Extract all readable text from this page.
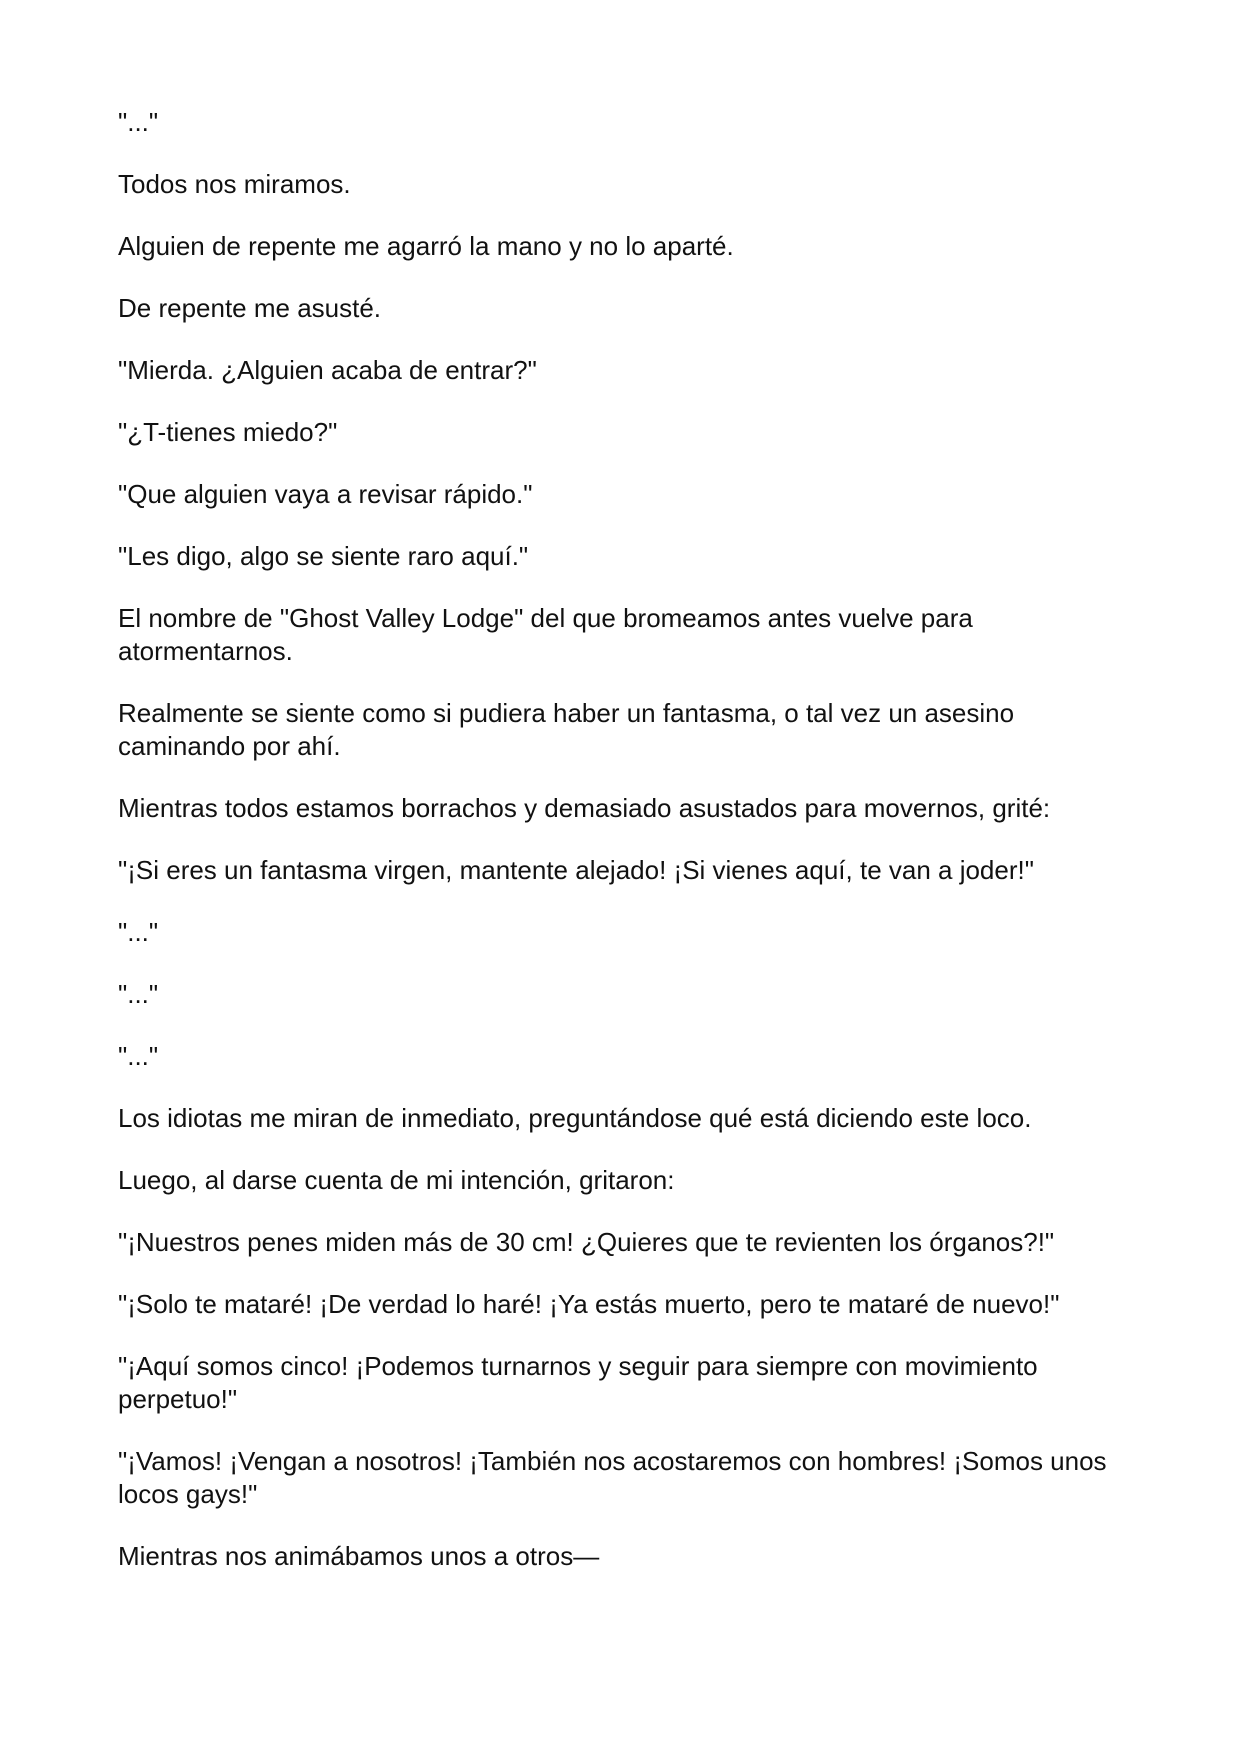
"..."

Todos nos miramos.

Alguien de repente me agarró la mano y no lo aparté.

De repente me asusté.

"Mierda. ¿Alguien acaba de entrar?"

"¿T-tienes miedo?"

"Que alguien vaya a revisar rápido."

"Les digo, algo se siente raro aquí."

El nombre de "Ghost Valley Lodge" del que bromeamos antes vuelve para atormentarnos.

Realmente se siente como si pudiera haber un fantasma, o tal vez un asesino caminando por ahí.

Mientras todos estamos borrachos y demasiado asustados para movernos, grité:

"¡Si eres un fantasma virgen, mantente alejado! ¡Si vienes aquí, te van a joder!"

"..."

"..."

"..."

Los idiotas me miran de inmediato, preguntándose qué está diciendo este loco.

Luego, al darse cuenta de mi intención, gritaron:

"¡Nuestros penes miden más de 30 cm! ¿Quieres que te revienten los órganos?!"

"¡Solo te mataré! ¡De verdad lo haré! ¡Ya estás muerto, pero te mataré de nuevo!"

"¡Aquí somos cinco! ¡Podemos turnarnos y seguir para siempre con movimiento perpetuo!"

"¡Vamos! ¡Vengan a nosotros! ¡También nos acostaremos con hombres! ¡Somos unos locos gays!"

Mientras nos animábamos unos a otros—
